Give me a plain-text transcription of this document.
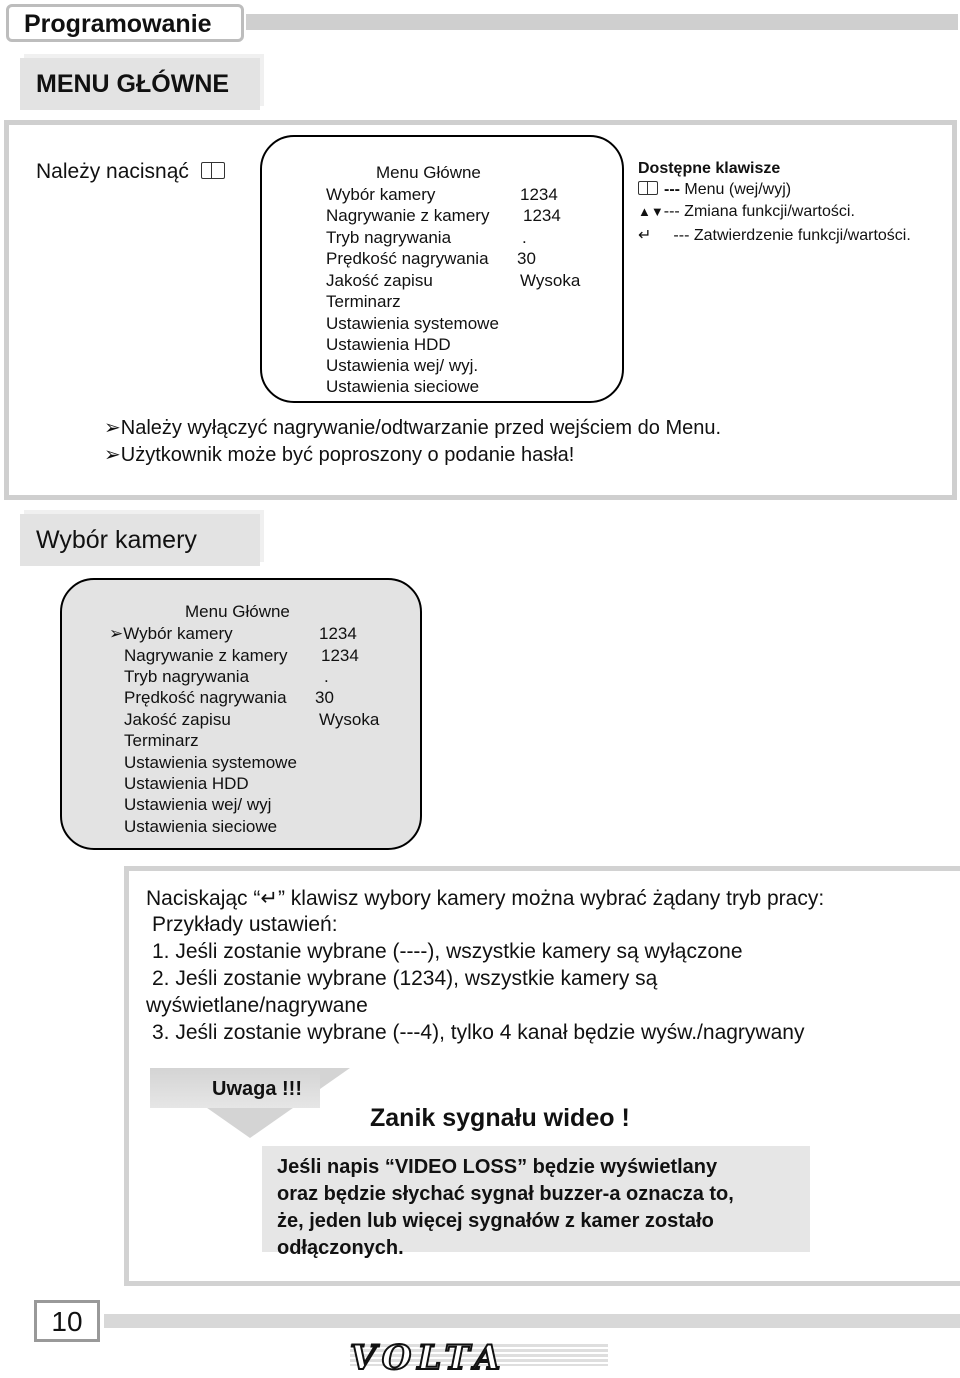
Programowanie
MENU GŁÓWNE
Należy nacisnąć	Menu Główne
Wybór kamery	1234
Nagrywanie z kamery 1234
Tryb nagrywania	.
Prędkość nagrywania 30
Jakość zapisu	Wysoka
Terminarz
Ustawienia systemowe
Ustawienia HDD
Ustawienia wej/ wyj.
Ustawienia sieciowe
Dostępne klawisze
--- Menu (wej/wyj)
▲▼--- Zmiana funkcji/wartości.
↵ --- Zatwierdzenie funkcji/wartości.
➢Należy wyłączyć nagrywanie/odtwarzanie przed wejściem do Menu.
➢Użytkownik może być poproszony o podanie hasła!
Wybór kamery
Menu Główne
➢Wybór kamery	1234
Nagrywanie z kamery 1234
Tryb nagrywania	.
Prędkość nagrywania 30
Jakość zapisu	Wysoka
Terminarz
Ustawienia systemowe
Ustawienia HDD
Ustawienia wej/ wyj
Ustawienia sieciowe
Naciskając “↵” klawisz wybory kamery można wybrać żądany tryb pracy:
Przykłady ustawień:
1. Jeśli zostanie wybrane (----), wszystkie kamery są wyłączone
2. Jeśli zostanie wybrane (1234), wszystkie kamery są
wyświetlane/nagrywane
3. Jeśli zostanie wybrane (---4), tylko 4 kanał będzie wyśw./nagrywany
Uwaga !!!
Zanik sygnału wideo !
Jeśli napis “VIDEO LOSS” będzie wyświetlany
oraz będzie słychać sygnał buzzer-a oznacza to,
że, jeden lub więcej sygnałów z kamer zostało
odłączonych.
10
VOLTA
